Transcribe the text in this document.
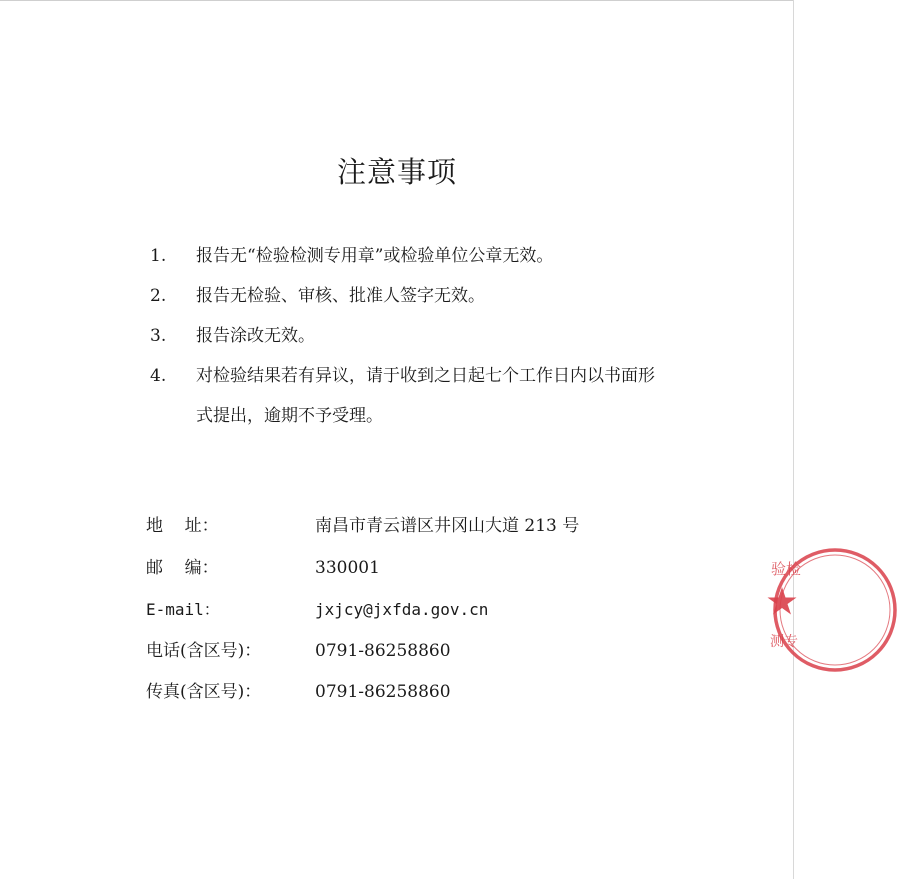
注意事项
1.	报告无“检验检测专用章”或检验单位公章无效。
2.	报告无检验、审核、批准人签字无效。
3.	报告涂改无效。
4.	对检验结果若有异议，请于收到之日起七个工作日内以书面形式提出，逾期不予受理。
地    址：	南昌市青云谱区井冈山大道 213 号
邮    编：	330001
E-mail：	jxjcy@jxfda.gov.cn
电话(含区号)：	0791-86258860
传真(含区号)：	0791-86258860
验检
测专
